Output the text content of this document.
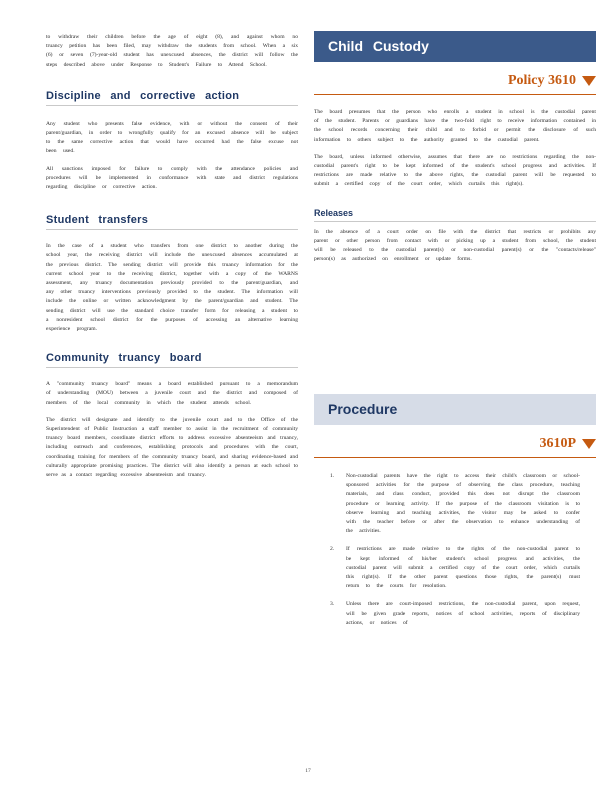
to withdraw their children before the age of eight (8), and against whom no truancy petition has been filed, may withdraw the students from school. When a six (6) or seven (7)-year-old student has unexcused absences, the district will follow the steps described above under Response to Student's Failure to Attend School.

Discipline and corrective action

Any student who presents false evidence, with or without the consent of their parent/guardian, in order to wrongfully qualify for an excused absence will be subject to the same corrective action that would have occurred had the false excuse not been used.

All sanctions imposed for failure to comply with the attendance policies and procedures will be implemented in conformance with state and district regulations regarding discipline or corrective action.

Student transfers

In the case of a student who transfers from one district to another during the school year, the receiving district will include the unexcused absences accumulated at the previous district. The sending district will provide this truancy information for the current school year to the receiving district, together with a copy of the WARNS assessment, any truancy documentation previously provided to the parent/guardian, and any other truancy interventions previously provided to the student. The information will include the online or written acknowledgment by the parent/guardian and student. The sending district will use the standard choice transfer form for releasing a student to a nonresident school district for the purposes of accessing an alternative learning experience program.

Community truancy board

A "community truancy board" means a board established pursuant to a memorandum of understanding (MOU) between a juvenile court and the district and composed of members of the local community in which the student attends school.

The district will designate and identify to the juvenile court and to the Office of the Superintendent of Public Instruction a staff member to assist in the recruitment of community truancy board members, coordinate district efforts to address excessive absenteeism and truancy, including outreach and conferences, establishing protocols and procedures with the court, coordinating training for members of the community truancy board, and sharing evidence-based and culturally appropriate promising practices. The district will also identify a person at each school to serve as a contact regarding excessive absenteeism and truancy.

Child Custody
Policy 3610

The board presumes that the person who enrolls a student in school is the custodial parent of the student. Parents or guardians have the two-fold right to receive information contained in the school records concerning their child and to forbid or permit the disclosure of such information to others subject to the authority granted to the custodial parent.

The board, unless informed otherwise, assumes that there are no restrictions regarding the non-custodial parent's right to be kept informed of the student's school progress and activities. If restrictions are made relative to the above rights, the custodial parent will be requested to submit a certified copy of the court order, which curtails this right(s).

Releases

In the absence of a court order on file with the district that restricts or prohibits any parent or other person from contact with or picking up a student from school, the student will be released to the custodial parent(s) or non-custodial parent(s) or the "contacts/release" person(s) as authorized on enrollment or update forms.

Procedure
3610P
1.	Non-custodial parents have the right to access their child's classroom or school-sponsored activities for the purpose of observing the class procedure, teaching materials, and class conduct, provided this does not disrupt the classroom procedure or learning activity. If the purpose of the classroom visitation is to observe learning and teaching activities, the visitor may be asked to confer with the teacher before or after the observation to enhance understanding of the activities.

2.	If restrictions are made relative to the rights of the non-custodial parent to be kept informed of his/her student's school progress and activities, the custodial parent will submit a certified copy of the court order, which curtails this right(s). If the other parent questions those rights, the parent(s) must return to the courts for resolution.

3.	Unless there are court-imposed restrictions, the non-custodial parent, upon request, will be given grade reports, notices of school activities, reports of disciplinary actions, or notices of

17
